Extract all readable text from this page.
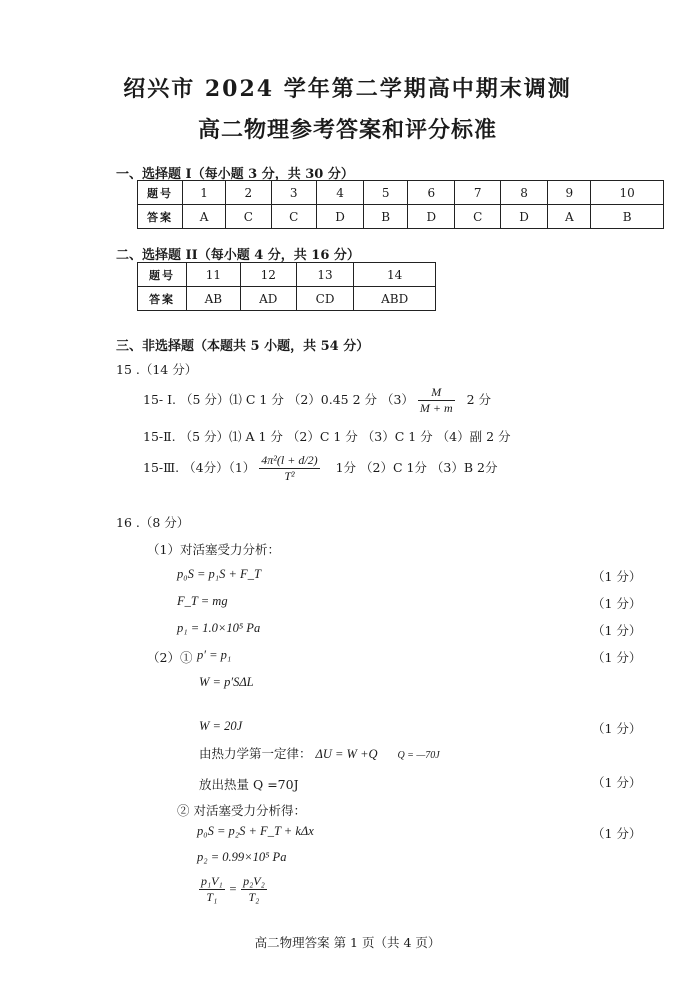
绍兴市 2024 学年第二学期高中期末调测
高二物理参考答案和评分标准
一、选择题 I（每小题 3 分，共 30 分）
题号	1	2	3	4	5	6	7	8	9	10
答案	A	C	C	D	B	D	C	D	A	B
二、选择题 II（每小题 4 分，共 16 分）
题号	11	12	13	14
答案	AB	AD	CD	ABD
三、非选择题（本题共 5 小题，共 54 分）
15 .（14 分）
15- Ⅰ. （5 分）⑴ C 1 分 （2）0.45 2 分 $(3) \frac{M}{M + m} 2$ 分
15-Ⅱ. （5 分）⑴ A 1 分 （2）C 1 分 （3）C 1 分 （4）副 2 分
15-Ⅲ. （4分）$(1) \frac{\text{4π²(l + d/2)}}{\text{T²}} 1$分 （2）C 1分 （3）B 2分
16 .（8 分）
（1）对活塞受力分析：
p₀S = p₁S + F_T	（1 分）
F_T = mg	（1 分）
p₁ = 1.0×10⁵ Pa	（1 分）
（2）① p′ = p₁	（1 分）
W = p′SΔL
W = 20J	（1 分）
由热力学第一定律： ΔU = W +Q Q = —70J
放出热量 Q =70J	（1 分）
② 对活塞受力分析得：
p₀S = p₂S + F_T + kΔx	（1 分）
p₂ = 0.99×10⁵ Pa
$\frac{\text{p₁V₁}}{\text{T₁}} = \frac{\text{p₂V₂}}{\text{T₂}}$
高二物理答案 第 1 页（共 4 页）
